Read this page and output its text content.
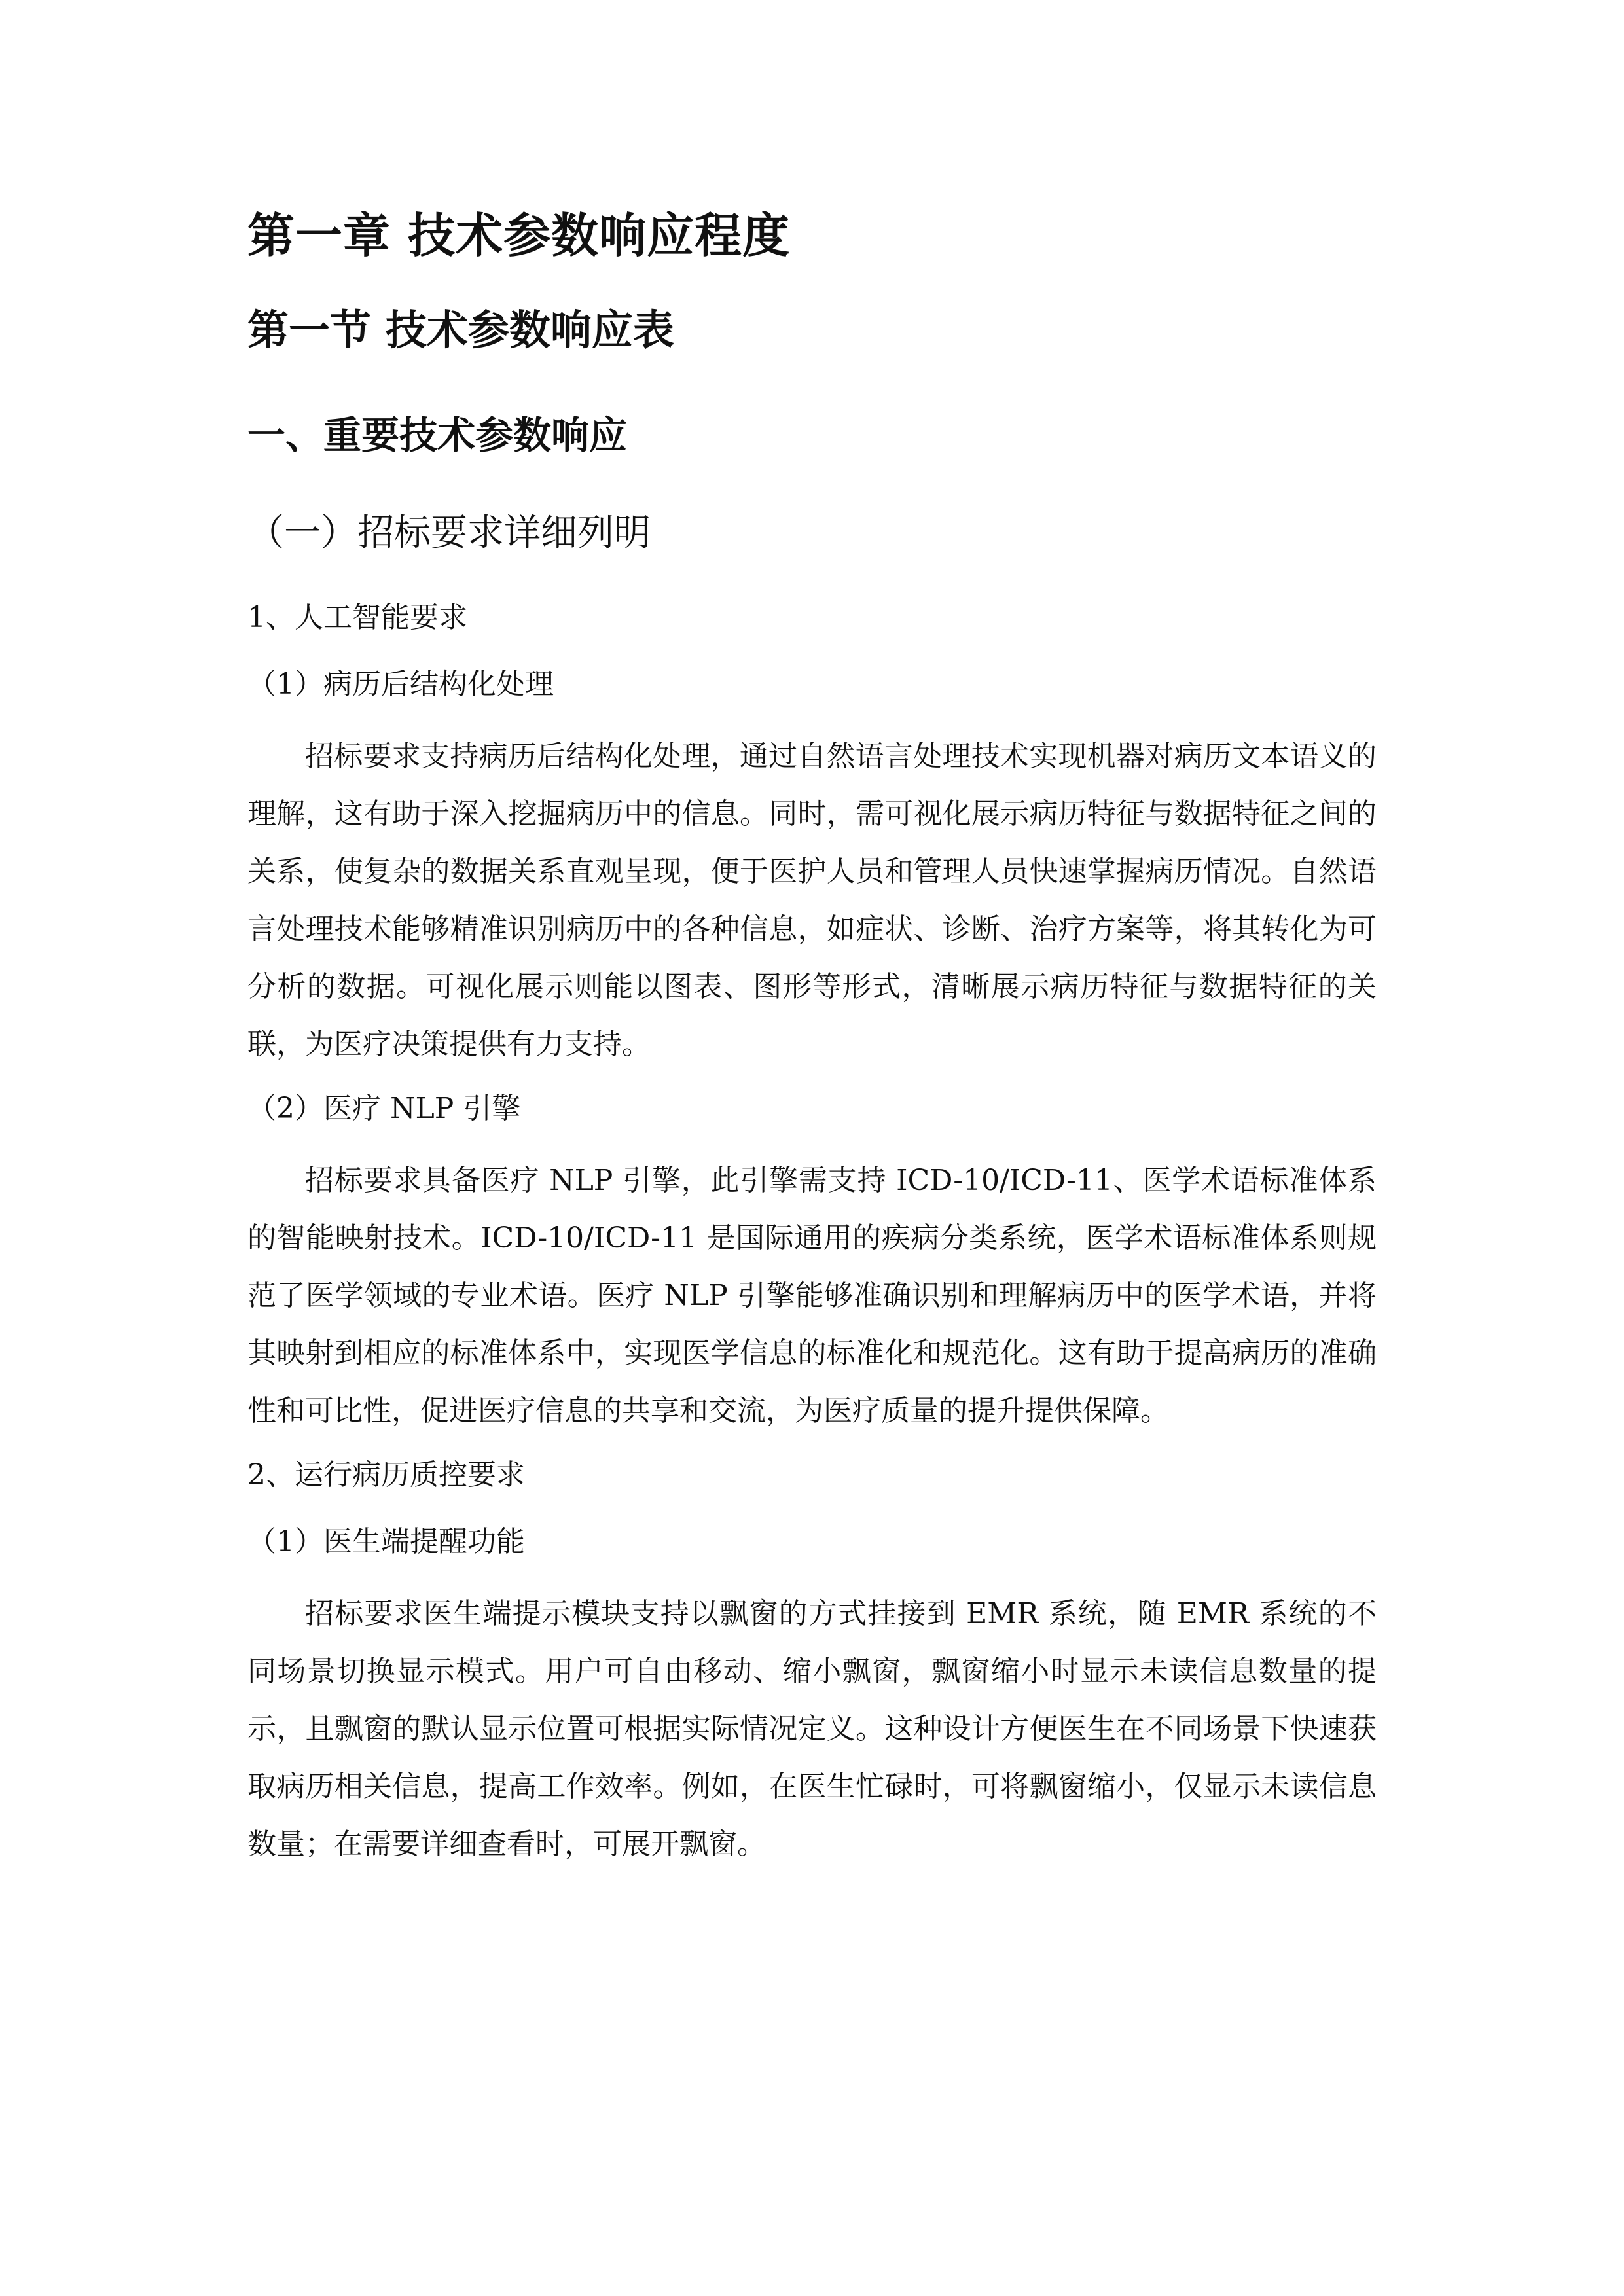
第一章 技术参数响应程度
第一节 技术参数响应表
一、重要技术参数响应
（一）招标要求详细列明
1、人工智能要求
（1）病历后结构化处理

招标要求支持病历后结构化处理，通过自然语言处理技术实现机器对病历文本语义的理解，这有助于深入挖掘病历中的信息。同时，需可视化展示病历特征与数据特征之间的关系，使复杂的数据关系直观呈现，便于医护人员和管理人员快速掌握病历情况。自然语言处理技术能够精准识别病历中的各种信息，如症状、诊断、治疗方案等，将其转化为可分析的数据。可视化展示则能以图表、图形等形式，清晰展示病历特征与数据特征的关联，为医疗决策提供有力支持。

（2）医疗 NLP 引擎

招标要求具备医疗 NLP 引擎，此引擎需支持 ICD-10/ICD-11、医学术语标准体系的智能映射技术。ICD-10/ICD-11 是国际通用的疾病分类系统，医学术语标准体系则规范了医学领域的专业术语。医疗 NLP 引擎能够准确识别和理解病历中的医学术语，并将其映射到相应的标准体系中，实现医学信息的标准化和规范化。这有助于提高病历的准确性和可比性，促进医疗信息的共享和交流，为医疗质量的提升提供保障。

2、运行病历质控要求
（1）医生端提醒功能

招标要求医生端提示模块支持以飘窗的方式挂接到 EMR 系统，随 EMR 系统的不同场景切换显示模式。用户可自由移动、缩小飘窗，飘窗缩小时显示未读信息数量的提示，且飘窗的默认显示位置可根据实际情况定义。这种设计方便医生在不同场景下快速获取病历相关信息，提高工作效率。例如，在医生忙碌时，可将飘窗缩小，仅显示未读信息数量；在需要详细查看时，可展开飘窗。
